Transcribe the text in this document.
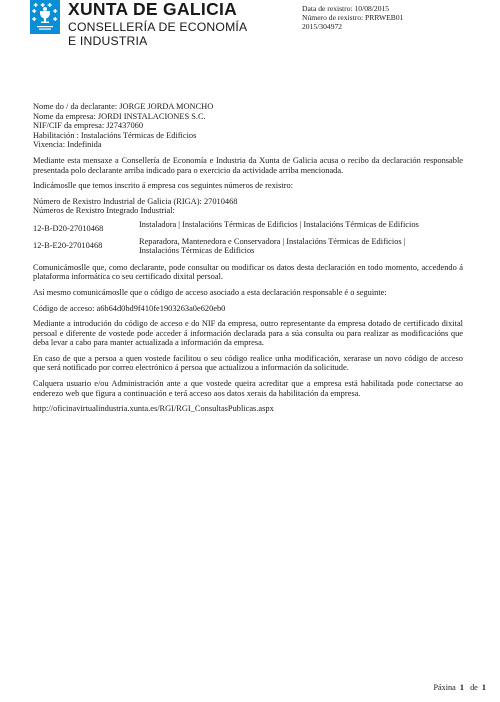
XUNTA DE GALICIA
CONSELLERÍA DE ECONOMÍA
E INDUSTRIA
Data de rexistro: 10/08/2015
Número de rexistro: PRRWEB01
2015/304972
Nome do / da declarante: JORGE JORDA MONCHO
Nome da empresa: JORDI INSTALACIONES S.C.
NIF/CIF da empresa: J27437060
Habilitación : Instalacións Térmicas de Edificios
Vixencia: Indefinida

Mediante esta mensaxe a Consellería de Economía e Industria da Xunta de Galicia acusa o recibo da declaración responsable presentada polo declarante arriba indicado para o exercicio da actividade arriba mencionada.

Indicámoslle que temos inscrito á empresa cos seguintes números de rexistro:

Número de Rexistro Industrial de Galicia (RIGA): 27010468
Números de Rexistro Integrado Industrial:
12-B-D20-27010468	Instaladora | Instalacións Térmicas de Edificios | Instalacións Térmicas de Edificios
12-B-E20-27010468	Reparadora, Mantenedora e Conservadora | Instalacións Térmicas de Edificios | Instalacións Térmicas de Edificios

Comunicámoslle que, como declarante, pode consultar ou modificar os datos desta declaración en todo momento, accedendo á plataforma informática co seu certificado dixital persoal.

Así mesmo comunicámoslle que o código de acceso asociado a esta declaración responsable é o seguinte:

Código de acceso: a6b64d0bd9f410fe1903263a0e620eb0

Mediante a introdución do código de acceso e do NIF da empresa, outro representante da empresa dotado de certificado dixital persoal e diferente de vostede pode acceder á información declarada para a súa consulta ou para realizar as modificacións que deba levar a cabo para manter actualizada a información da empresa.

En caso de que a persoa a quen vostede facilitou o seu código realice unha modificación, xerarase un novo código de acceso que será notificado por correo electrónico á persoa que actualizou a información da solicitude.

Calquera usuario e/ou Administración ante a que vostede queira acreditar que a empresa está habilitada pode conectarse ao enderezo web que figura a continuación e terá acceso aos datos xerais da habilitación da empresa.

http://oficinavirtualindustria.xunta.es/RGI/RGI_ConsultasPublicas.aspx
Páxina 1 de 1
